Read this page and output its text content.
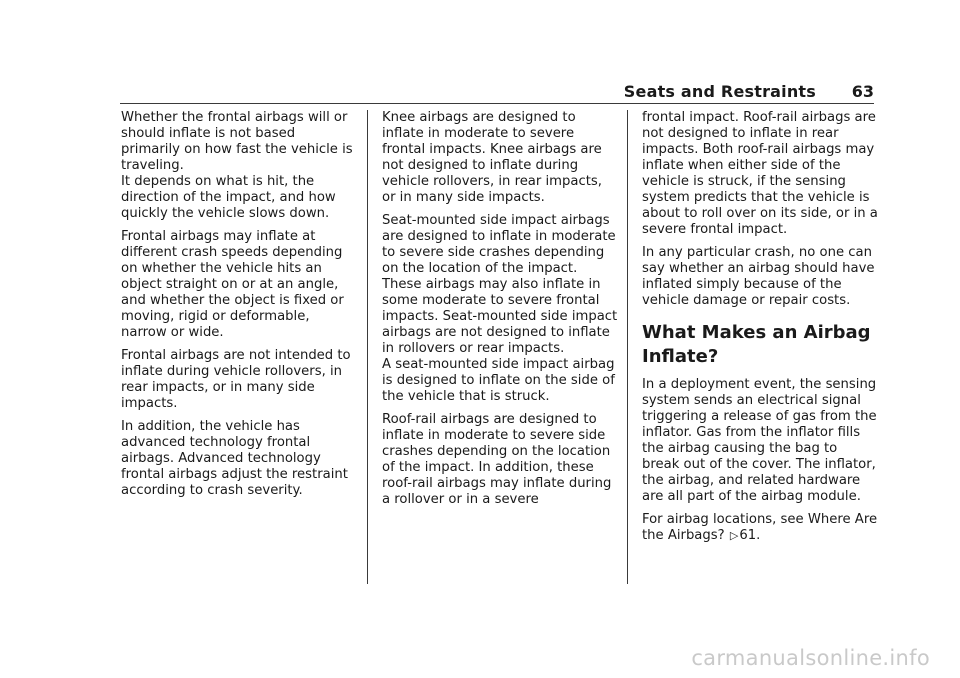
Seats and Restraints 63

Whether the frontal airbags will or should inflate is not based primarily on how fast the vehicle is traveling.

It depends on what is hit, the direction of the impact, and how quickly the vehicle slows down.

Frontal airbags may inflate at different crash speeds depending on whether the vehicle hits an object straight on or at an angle, and whether the object is fixed or moving, rigid or deformable, narrow or wide.

Frontal airbags are not intended to inflate during vehicle rollovers, in rear impacts, or in many side impacts.

In addition, the vehicle has advanced technology frontal airbags. Advanced technology frontal airbags adjust the restraint according to crash severity.

Knee airbags are designed to inflate in moderate to severe frontal impacts. Knee airbags are not designed to inflate during vehicle rollovers, in rear impacts, or in many side impacts.

Seat-mounted side impact airbags are designed to inflate in moderate to severe side crashes depending on the location of the impact. These airbags may also inflate in some moderate to severe frontal impacts. Seat-mounted side impact airbags are not designed to inflate in rollovers or rear impacts.

A seat-mounted side impact airbag is designed to inflate on the side of the vehicle that is struck.

Roof-rail airbags are designed to inflate in moderate to severe side crashes depending on the location of the impact. In addition, these roof-rail airbags may inflate during a rollover or in a severe

frontal impact. Roof-rail airbags are not designed to inflate in rear impacts. Both roof-rail airbags may inflate when either side of the vehicle is struck, if the sensing system predicts that the vehicle is about to roll over on its side, or in a severe frontal impact.

In any particular crash, no one can say whether an airbag should have inflated simply because of the vehicle damage or repair costs.

What Makes an Airbag Inflate?

In a deployment event, the sensing system sends an electrical signal triggering a release of gas from the inflator. Gas from the inflator fills the airbag causing the bag to break out of the cover. The inflator, the airbag, and related hardware are all part of the airbag module.

For airbag locations, see Where Are the Airbags? ▷61.

carmanualsonline.info
